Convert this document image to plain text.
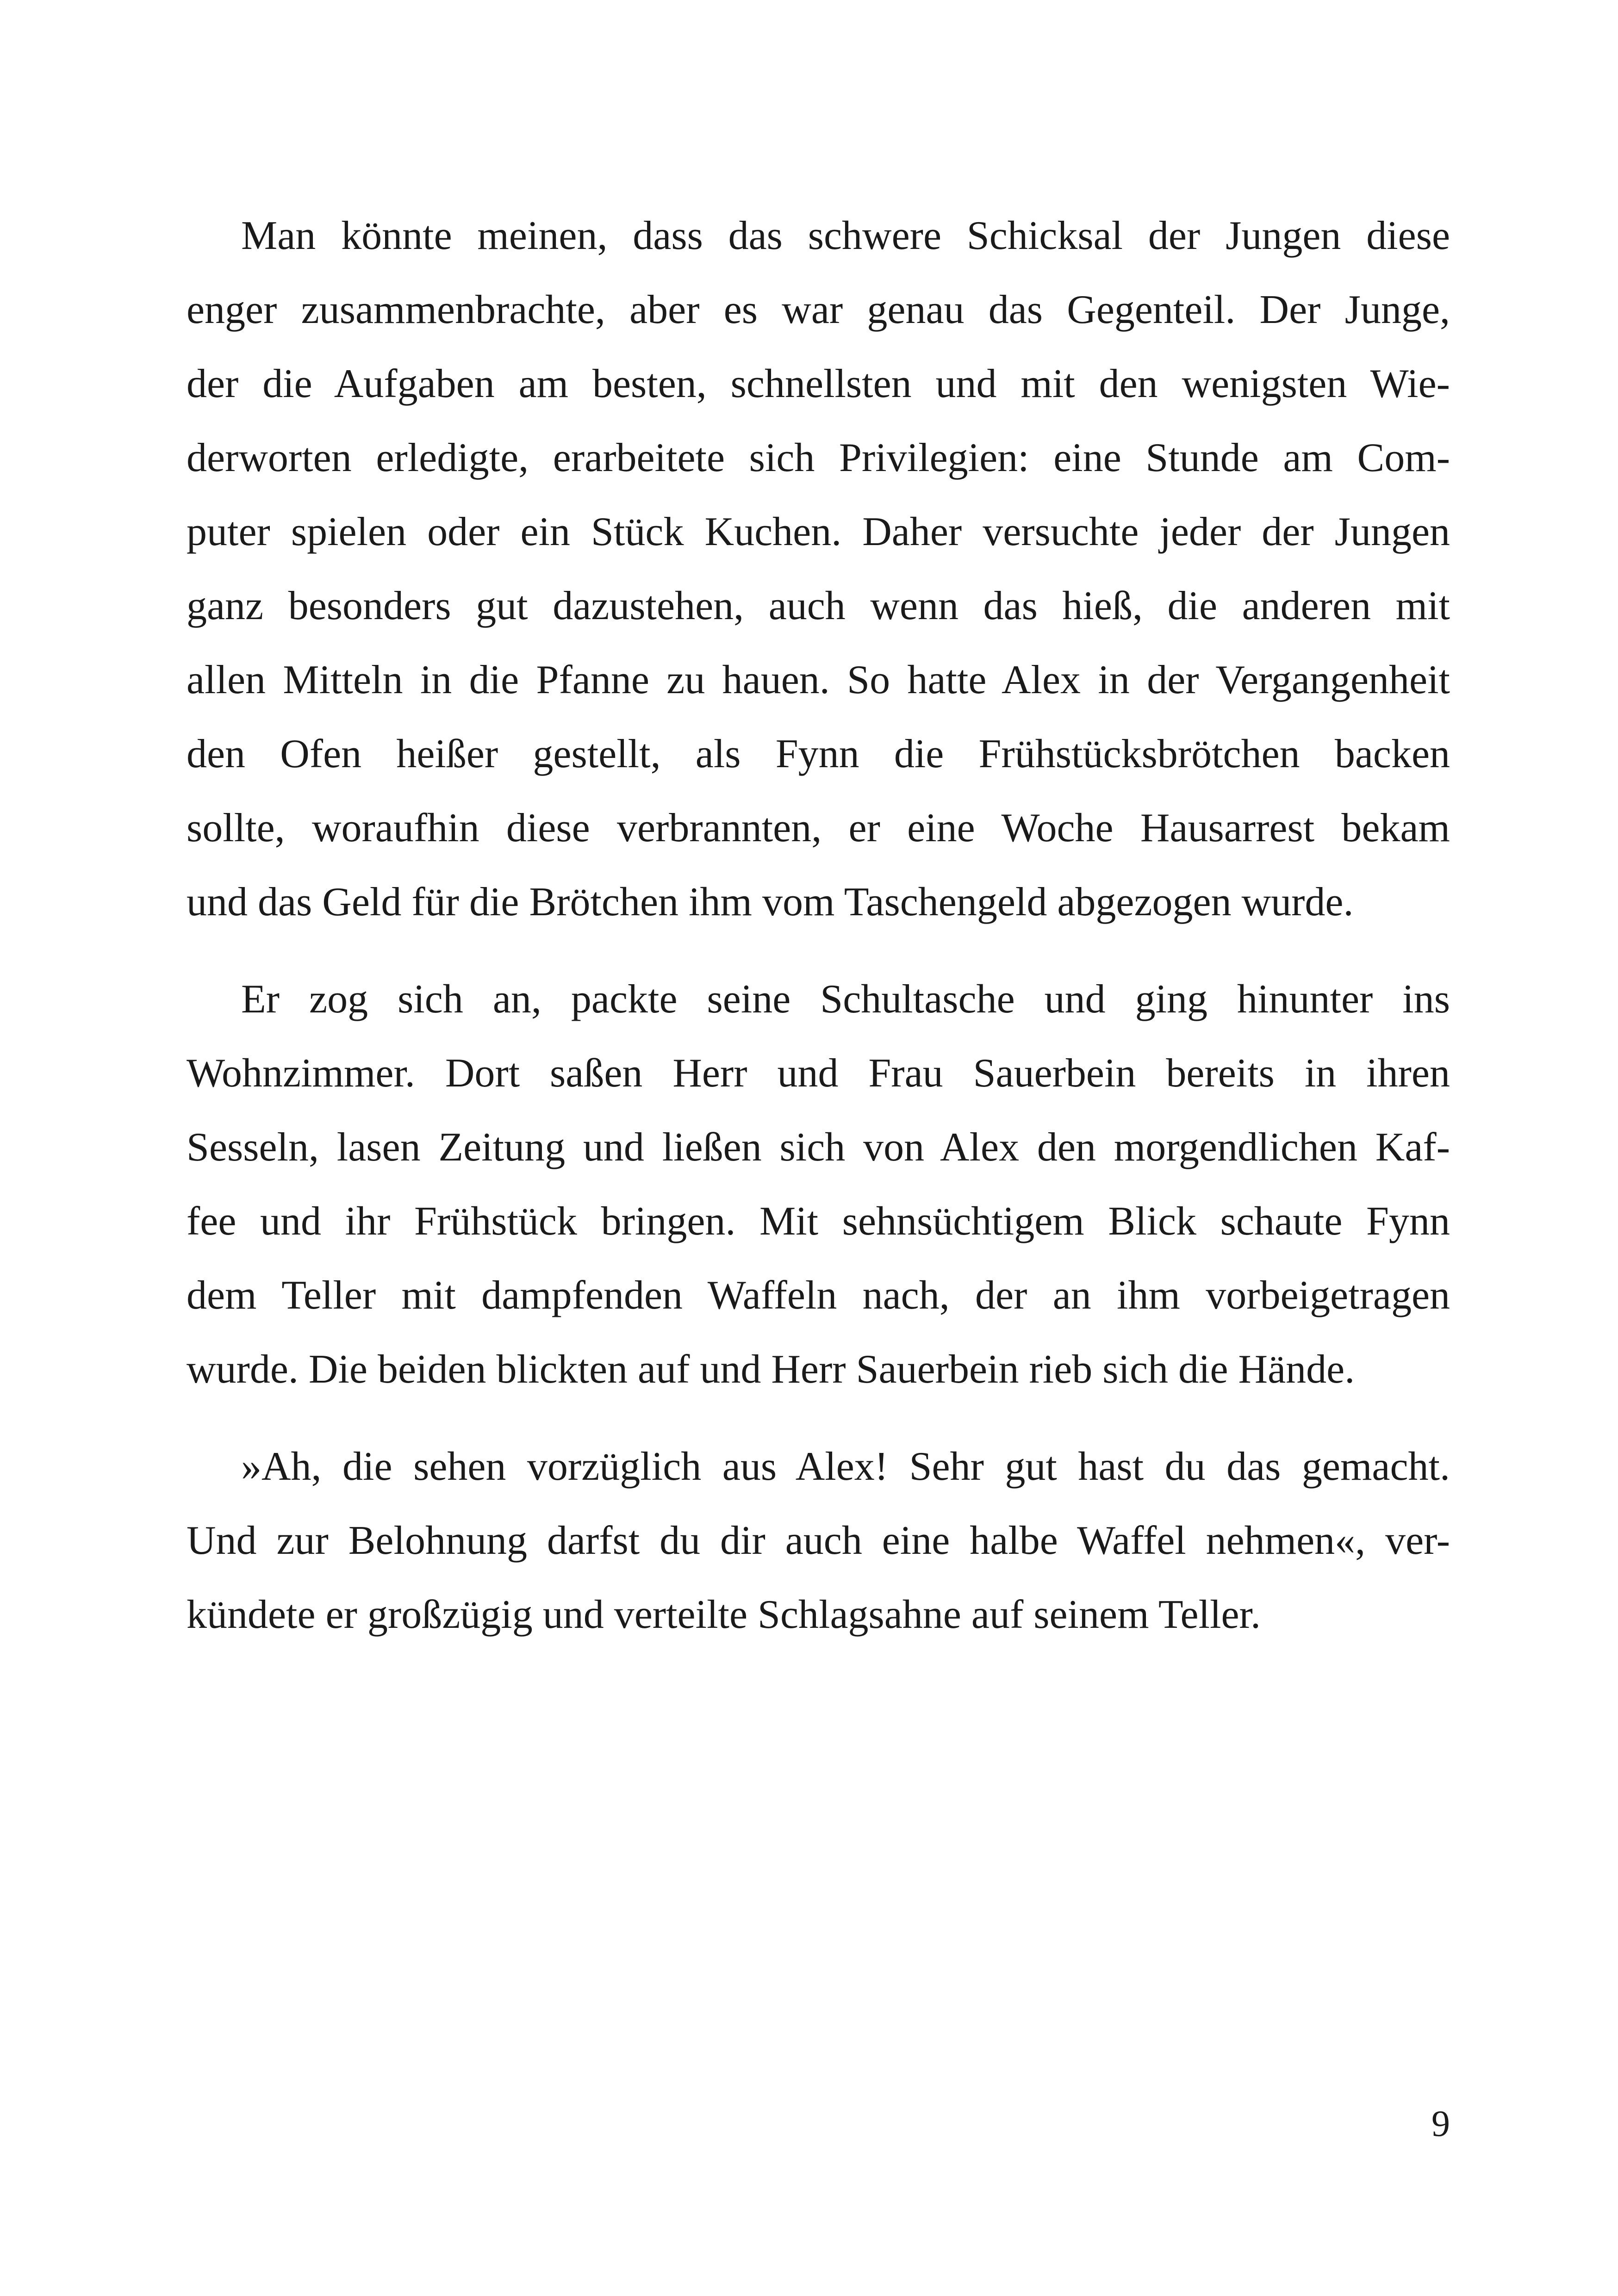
Man könnte meinen, dass das schwere Schicksal der Jungen diese
enger zusammenbrachte, aber es war genau das Gegenteil. Der Junge,
der die Aufgaben am besten, schnellsten und mit den wenigsten Wie-
derworten erledigte, erarbeitete sich Privilegien: eine Stunde am Com-
puter spielen oder ein Stück Kuchen. Daher versuchte jeder der Jungen
ganz besonders gut dazustehen, auch wenn das hieß, die anderen mit
allen Mitteln in die Pfanne zu hauen. So hatte Alex in der Vergangenheit
den Ofen heißer gestellt, als Fynn die Frühstücksbrötchen backen
sollte, woraufhin diese verbrannten, er eine Woche Hausarrest bekam
und das Geld für die Brötchen ihm vom Taschengeld abgezogen wurde.

Er zog sich an, packte seine Schultasche und ging hinunter ins
Wohnzimmer. Dort saßen Herr und Frau Sauerbein bereits in ihren
Sesseln, lasen Zeitung und ließen sich von Alex den morgendlichen Kaf-
fee und ihr Frühstück bringen. Mit sehnsüchtigem Blick schaute Fynn
dem Teller mit dampfenden Waffeln nach, der an ihm vorbeigetragen
wurde. Die beiden blickten auf und Herr Sauerbein rieb sich die Hände.

»Ah, die sehen vorzüglich aus Alex! Sehr gut hast du das gemacht.
Und zur Belohnung darfst du dir auch eine halbe Waffel nehmen«, ver-
kündete er großzügig und verteilte Schlagsahne auf seinem Teller.

9
